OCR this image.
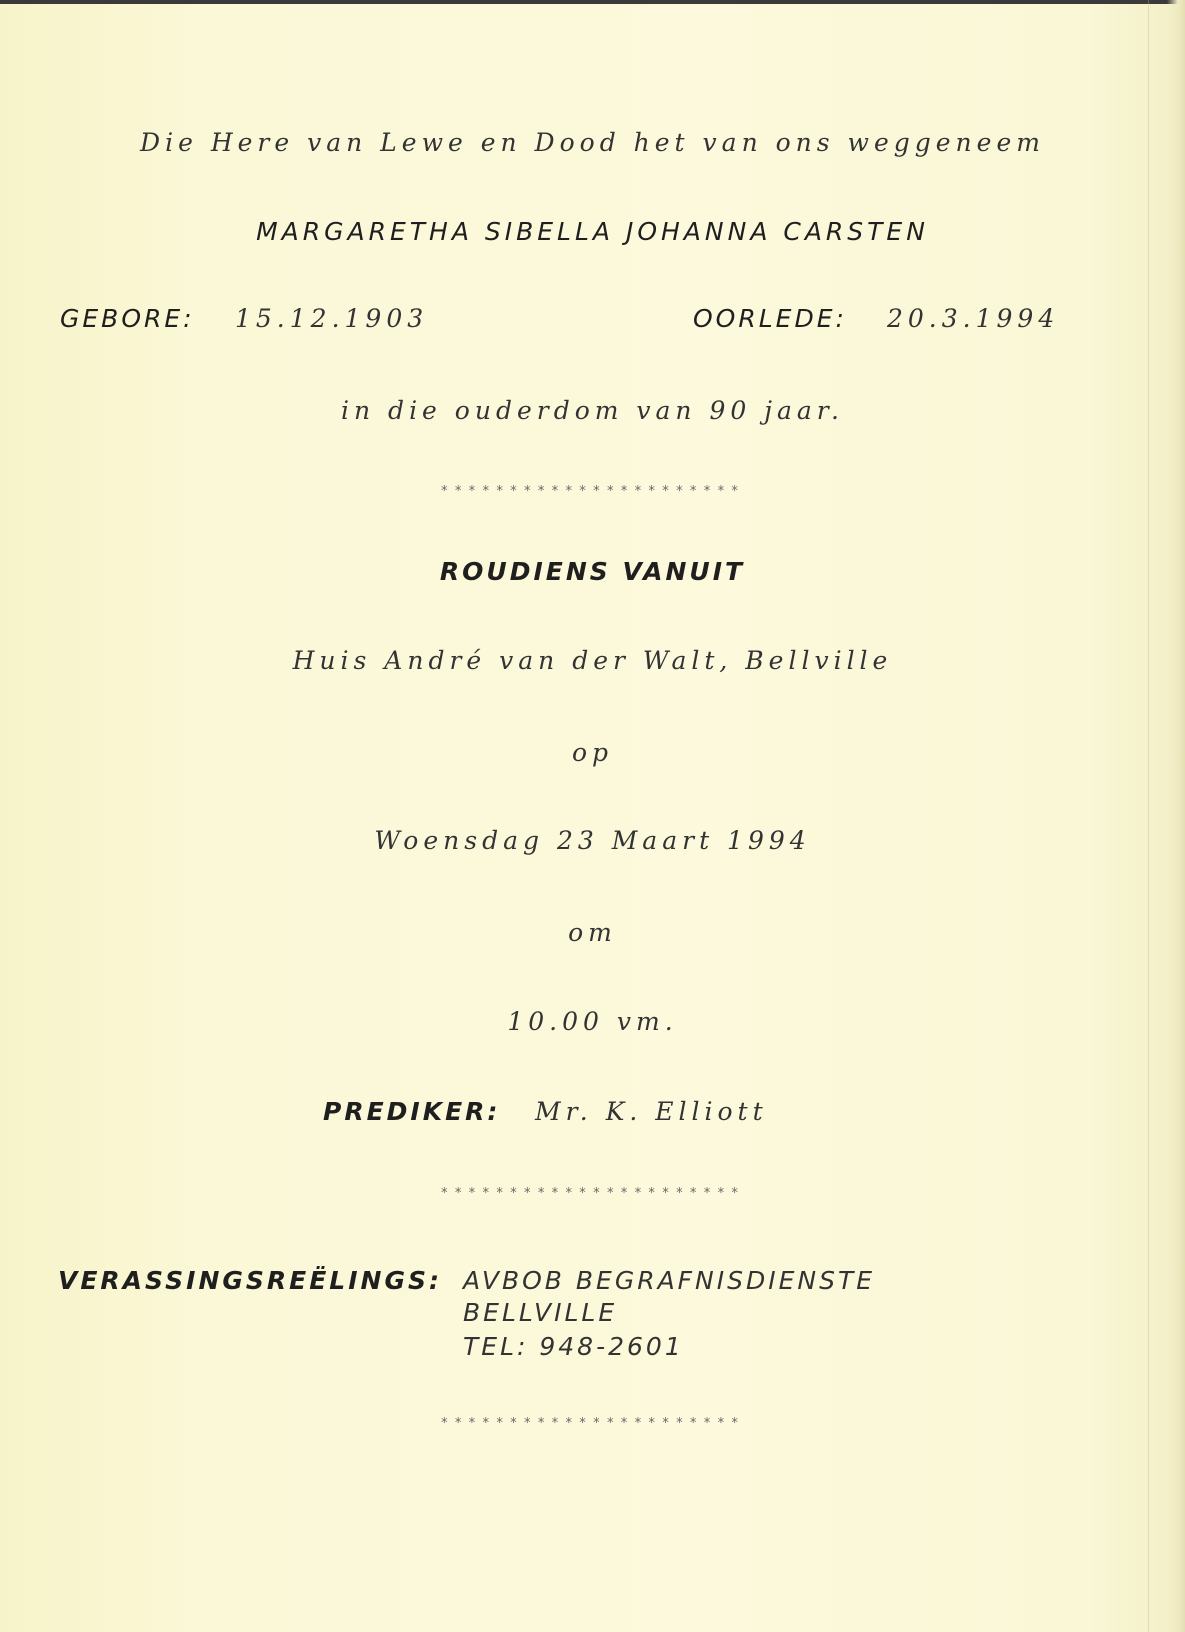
Die Here van Lewe en Dood het van ons weggeneem
MARGARETHA SIBELLA JOHANNA CARSTEN
GEBORE: 15.12.1903	OORLEDE: 20.3.1994
in die ouderdom van 90 jaar.
**********************
ROUDIENS VANUIT
Huis André van der Walt, Bellville
op
Woensdag 23 Maart 1994
om
10.00 vm.
PREDIKER: Mr. K. Elliott
**********************
VERASSINGSREËLINGS: AVBOB BEGRAFNISDIENSTE
BELLVILLE
TEL: 948-2601
**********************
